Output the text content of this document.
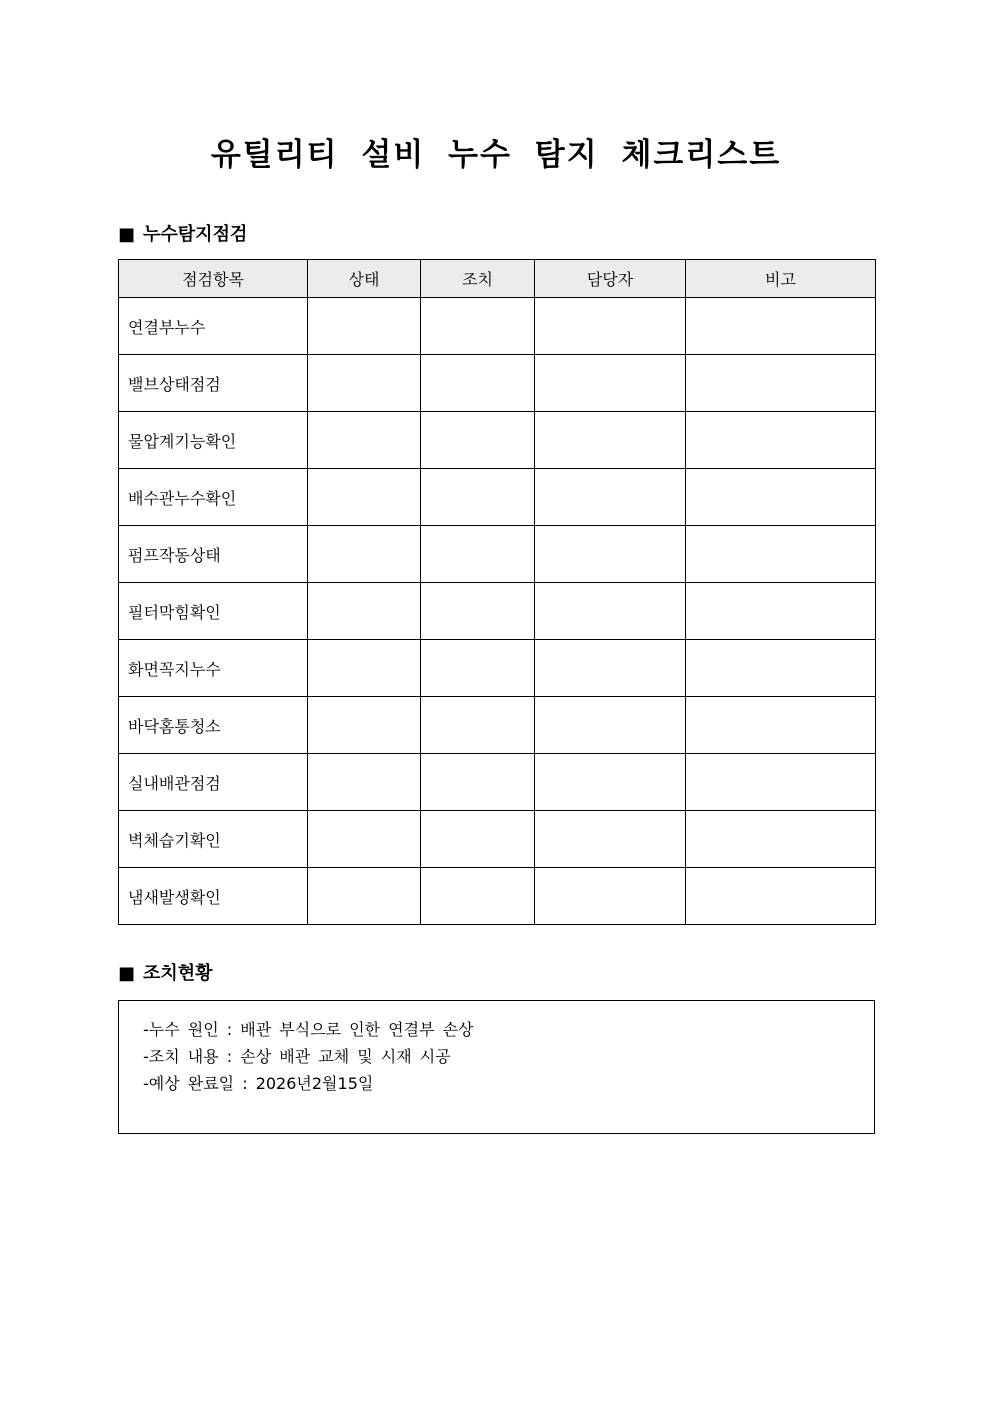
유틸리티 설비 누수 탐지 체크리스트
■ 누수탐지점검
점검항목	상태	조치	담당자	비고
연결부누수				
밸브상태점검				
물압계기능확인				
배수관누수확인				
펌프작동상태				
필터막힘확인				
화면꼭지누수				
바닥홈통청소				
실내배관점검				
벽체습기확인				
냄새발생확인				
■ 조치현황
-누수 원인 : 배관 부식으로 인한 연결부 손상
-조치 내용 : 손상 배관 교체 및 시재 시공
-예상 완료일 : 2026년2월15일
